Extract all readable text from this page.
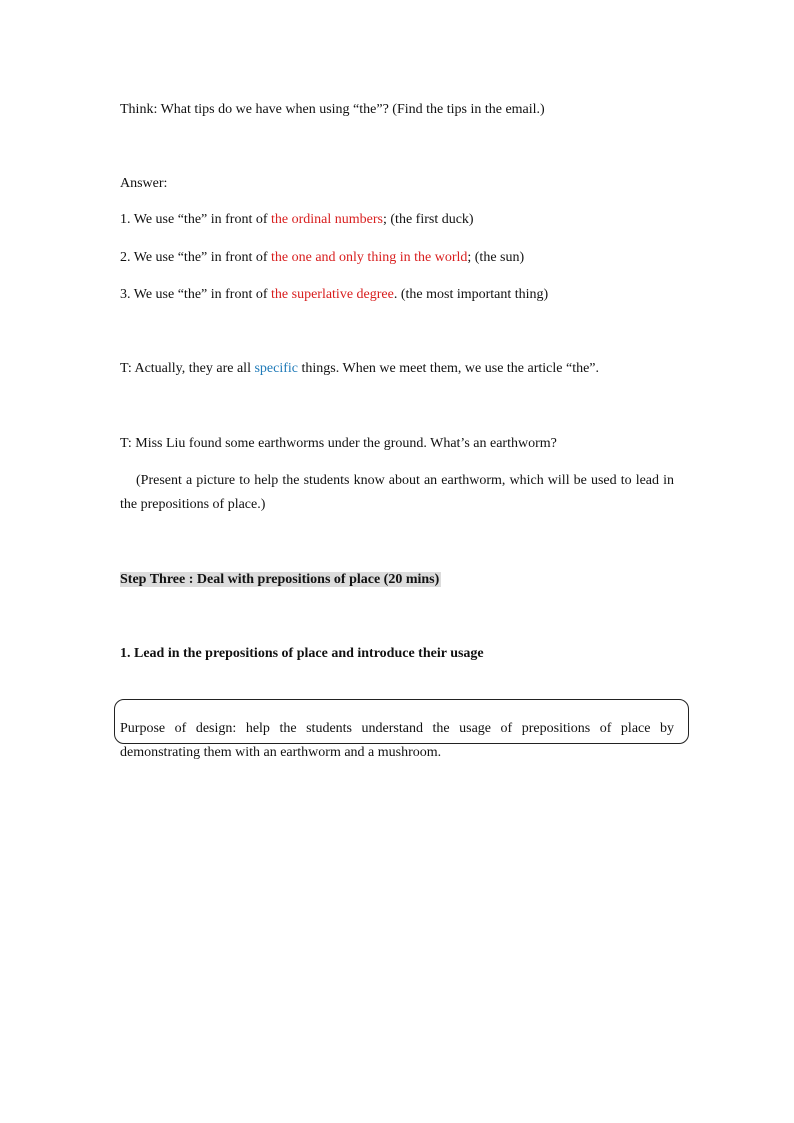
Think: What tips do we have when using “the”? (Find the tips in the email.)
Answer:
1. We use “the” in front of the ordinal numbers; (the first duck)
2. We use “the” in front of the one and only thing in the world; (the sun)
3. We use “the” in front of the superlative degree. (the most important thing)
T: Actually, they are all specific things. When we meet them, we use the article “the”.
T: Miss Liu found some earthworms under the ground. What’s an earthworm?
(Present a picture to help the students know about an earthworm, which will be used to lead in the prepositions of place.)
Step Three : Deal with prepositions of place (20 mins)
1. Lead in the prepositions of place and introduce their usage
Purpose of design: help the students understand the usage of prepositions of place by demonstrating them with an earthworm and a mushroom.
